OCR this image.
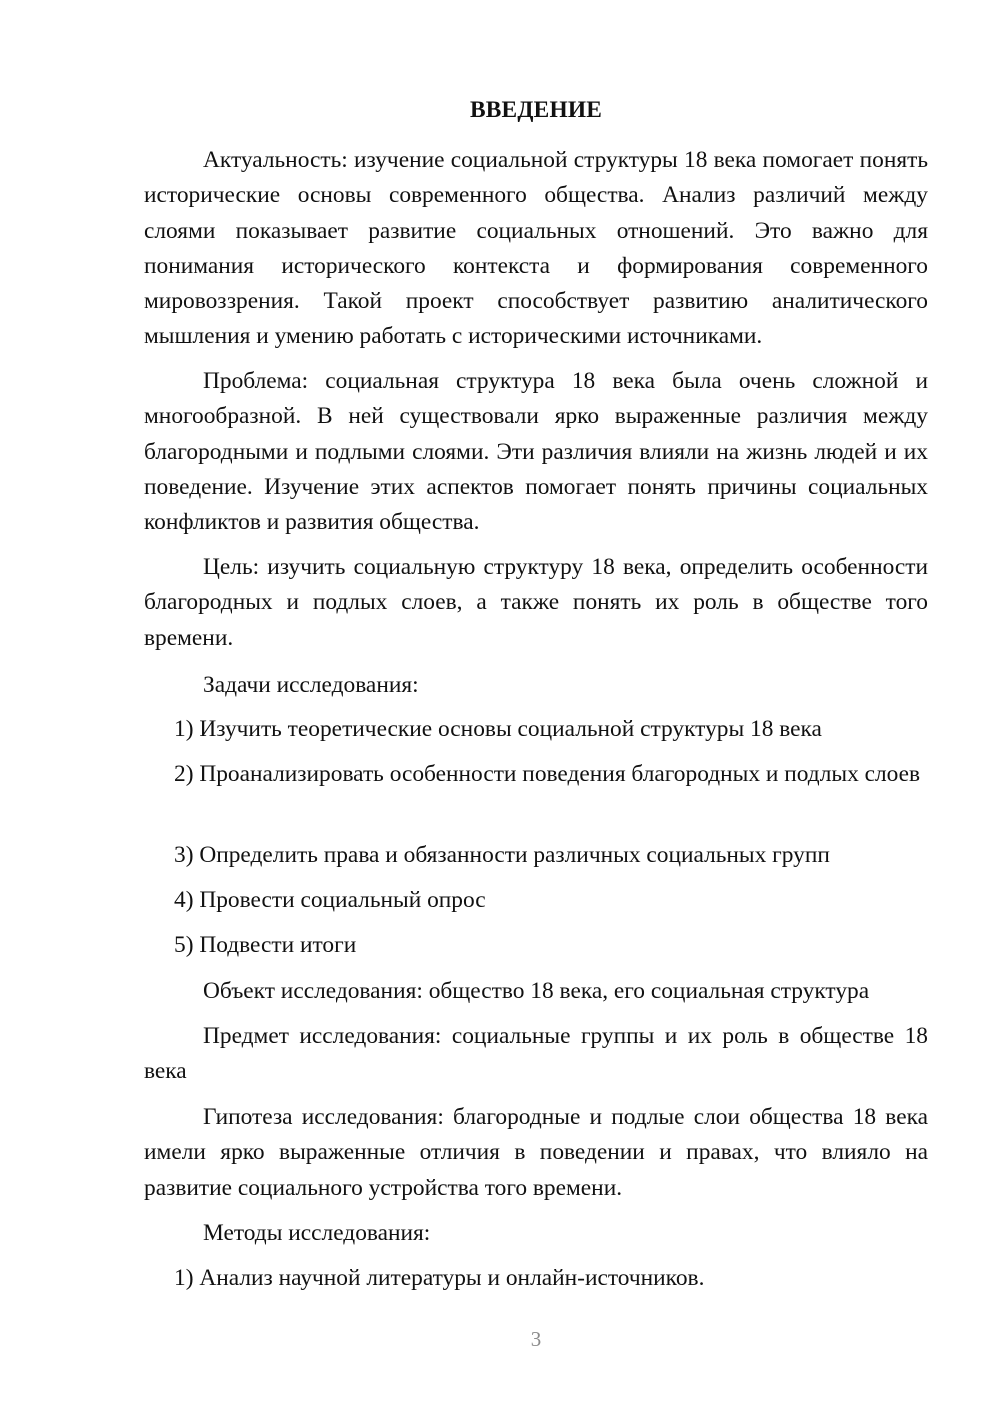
ВВЕДЕНИЕ

Актуальность: изучение социальной структуры 18 века помогает понять исторические основы современного общества. Анализ различий между слоями показывает развитие социальных отношений. Это важно для понимания исторического контекста и формирования современного мировоззрения. Такой проект способствует развитию аналитического мышления и умению работать с историческими источниками.

Проблема: социальная структура 18 века была очень сложной и многообразной. В ней существовали ярко выраженные различия между благородными и подлыми слоями. Эти различия влияли на жизнь людей и их поведение. Изучение этих аспектов помогает понять причины социальных конфликтов и развития общества.

Цель: изучить социальную структуру 18 века, определить особенности благородных и подлых слоев, а также понять их роль в обществе того времени.

Задачи исследования:

1) Изучить теоретические основы социальной структуры 18 века

2) Проанализировать особенности поведения благородных и подлых слоев

3) Определить права и обязанности различных социальных групп

4) Провести социальный опрос

5) Подвести итоги

Объект исследования: общество 18 века, его социальная структура

Предмет исследования: социальные группы и их роль в обществе 18 века

Гипотеза исследования: благородные и подлые слои общества 18 века имели ярко выраженные отличия в поведении и правах, что влияло на развитие социального устройства того времени.

Методы исследования:

1) Анализ научной литературы и онлайн-источников.

3
